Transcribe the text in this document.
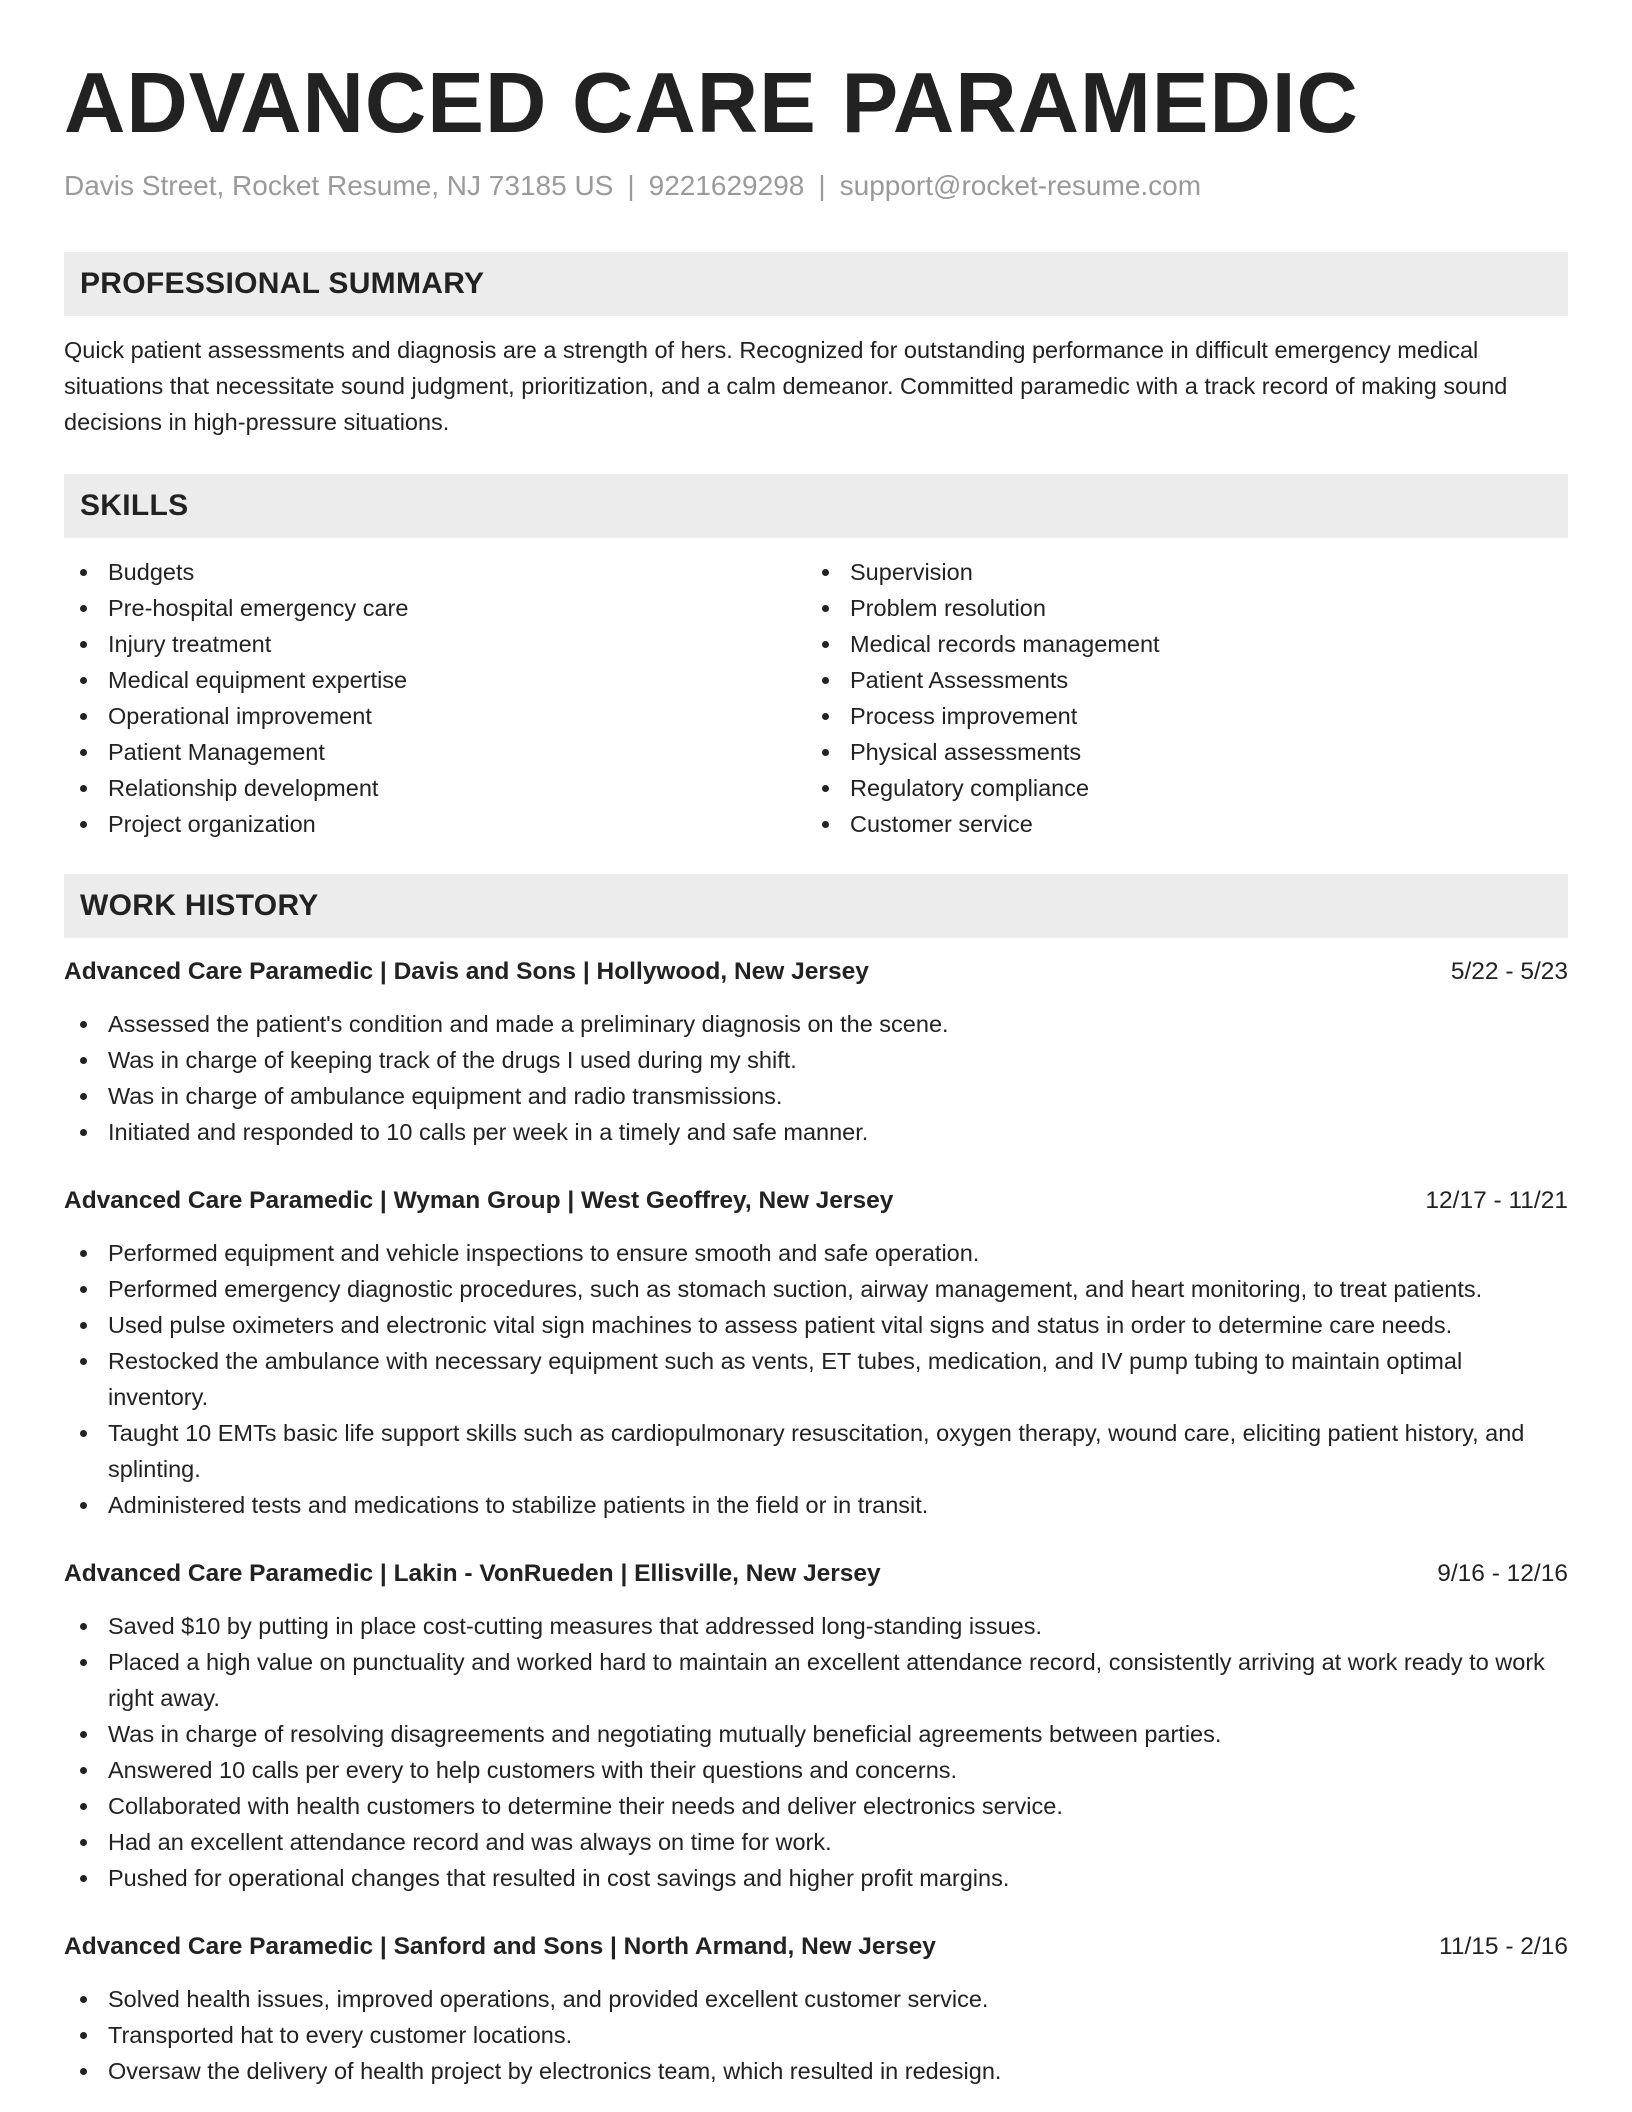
ADVANCED CARE PARAMEDIC
Davis Street, Rocket Resume, NJ 73185 US | 9221629298 | support@rocket-resume.com
PROFESSIONAL SUMMARY
Quick patient assessments and diagnosis are a strength of hers. Recognized for outstanding performance in difficult emergency medical situations that necessitate sound judgment, prioritization, and a calm demeanor. Committed paramedic with a track record of making sound decisions in high-pressure situations.
SKILLS
Budgets
Pre-hospital emergency care
Injury treatment
Medical equipment expertise
Operational improvement
Patient Management
Relationship development
Project organization
Supervision
Problem resolution
Medical records management
Patient Assessments
Process improvement
Physical assessments
Regulatory compliance
Customer service
WORK HISTORY
Advanced Care Paramedic | Davis and Sons | Hollywood, New Jersey	5/22 - 5/23
Assessed the patient's condition and made a preliminary diagnosis on the scene.
Was in charge of keeping track of the drugs I used during my shift.
Was in charge of ambulance equipment and radio transmissions.
Initiated and responded to 10 calls per week in a timely and safe manner.
Advanced Care Paramedic | Wyman Group | West Geoffrey, New Jersey	12/17 - 11/21
Performed equipment and vehicle inspections to ensure smooth and safe operation.
Performed emergency diagnostic procedures, such as stomach suction, airway management, and heart monitoring, to treat patients.
Used pulse oximeters and electronic vital sign machines to assess patient vital signs and status in order to determine care needs.
Restocked the ambulance with necessary equipment such as vents, ET tubes, medication, and IV pump tubing to maintain optimal inventory.
Taught 10 EMTs basic life support skills such as cardiopulmonary resuscitation, oxygen therapy, wound care, eliciting patient history, and splinting.
Administered tests and medications to stabilize patients in the field or in transit.
Advanced Care Paramedic | Lakin - VonRueden | Ellisville, New Jersey	9/16 - 12/16
Saved $10 by putting in place cost-cutting measures that addressed long-standing issues.
Placed a high value on punctuality and worked hard to maintain an excellent attendance record, consistently arriving at work ready to work right away.
Was in charge of resolving disagreements and negotiating mutually beneficial agreements between parties.
Answered 10 calls per every to help customers with their questions and concerns.
Collaborated with health customers to determine their needs and deliver electronics service.
Had an excellent attendance record and was always on time for work.
Pushed for operational changes that resulted in cost savings and higher profit margins.
Advanced Care Paramedic | Sanford and Sons | North Armand, New Jersey	11/15 - 2/16
Solved health issues, improved operations, and provided excellent customer service.
Transported hat to every customer locations.
Oversaw the delivery of health project by electronics team, which resulted in redesign.
